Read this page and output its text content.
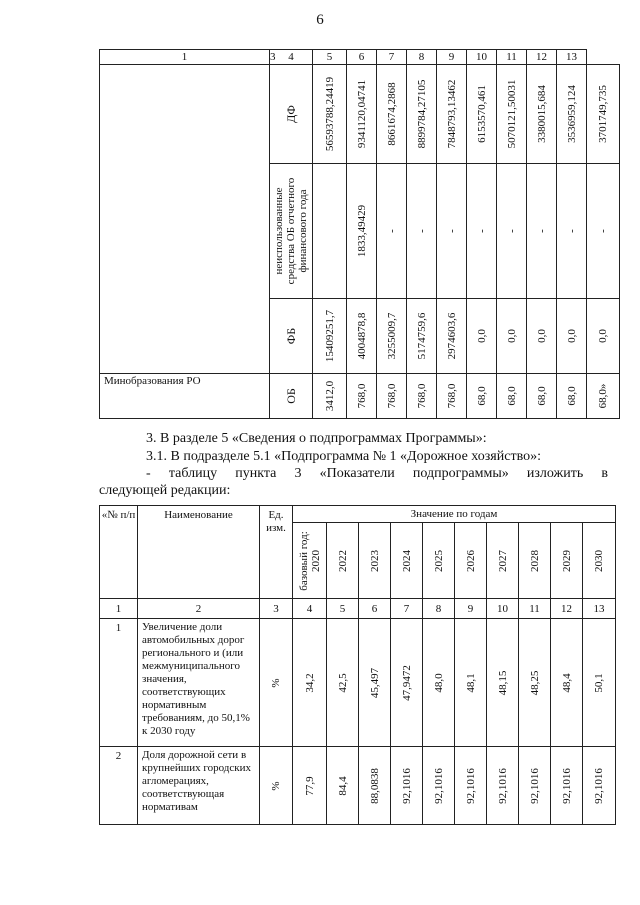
6
1	3	4	5	6	7	8	9	10	11	12	13

	ДФ	56593788,24419	9341120,04741	8661674,2868	8899784,27105	7848793,13462	6153570,461	5070121,50031	3380015,684	3536959,124	3701749,735

	неиспользованные средства ОБ отчетного финансового года		1833,49429	-	-	-	-	-	-	-	-

	ФБ	15409251,7	4004878,8	3255009,7	5174759,6	2974603,6	0,0	0,0	0,0	0,0	0,0

Минобразования РО	ОБ	3412,0	768,0	768,0	768,0	768,0	68,0	68,0	68,0	68,0	68,0»
3. В разделе 5 «Сведения о подпрограммах Программы»:
3.1. В подразделе 5.1 «Подпрограмма № 1 «Дорожное хозяйство»:
- таблицу пункта 3 «Показатели подпрограммы» изложить в
следующей редакции:
«№ п/п	Наименование	Ед. изм.	Значение по годам									

			базовый год: 2020	2022	2023	2024	2025	2026	2027	2028	2029	2030

1	2	3	4	5	6	7	8	9	10	11	12	13
1	Увеличение доли автомобильных дорог регионального и (или межмуниципального значения, соответствующих нормативным требованиям, до 50,1% к 2030 году	%	34,2	42,5	45,497	47,9472	48,0	48,1	48,15	48,25	48,4	50,1

2	Доля дорожной сети в крупнейших городских агломерациях, соответствующая нормативам	%	77,9	84,4	88,0838	92,1016	92,1016	92,1016	92,1016	92,1016	92,1016	92,1016
